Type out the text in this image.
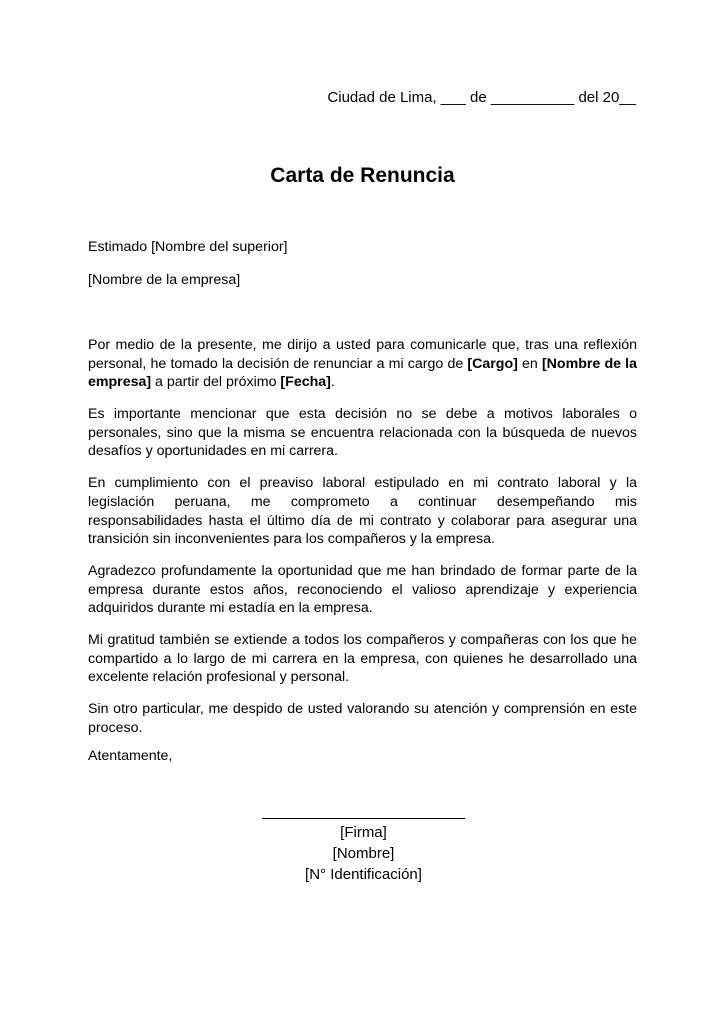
Ciudad de Lima, ___ de __________ del 20__
Carta de Renuncia
Estimado [Nombre del superior]
[Nombre de la empresa]

Por medio de la presente, me dirijo a usted para comunicarle que, tras una reflexión personal, he tomado la decisión de renunciar a mi cargo de [Cargo] en [Nombre de la empresa] a partir del próximo [Fecha].

Es importante mencionar que esta decisión no se debe a motivos laborales o personales, sino que la misma se encuentra relacionada con la búsqueda de nuevos desafíos y oportunidades en mi carrera.

En cumplimiento con el preaviso laboral estipulado en mi contrato laboral y la legislación peruana, me comprometo a continuar desempeñando mis responsabilidades hasta el último día de mi contrato y colaborar para asegurar una transición sin inconvenientes para los compañeros y la empresa.

Agradezco profundamente la oportunidad que me han brindado de formar parte de la empresa durante estos años, reconociendo el valioso aprendizaje y experiencia adquiridos durante mi estadía en la empresa.

Mi gratitud también se extiende a todos los compañeros y compañeras con los que he compartido a lo largo de mi carrera en la empresa, con quienes he desarrollado una excelente relación profesional y personal.

Sin otro particular, me despido de usted valorando su atención y comprensión en este proceso.

Atentamente,
[Firma]
[Nombre]
[N° Identificación]
